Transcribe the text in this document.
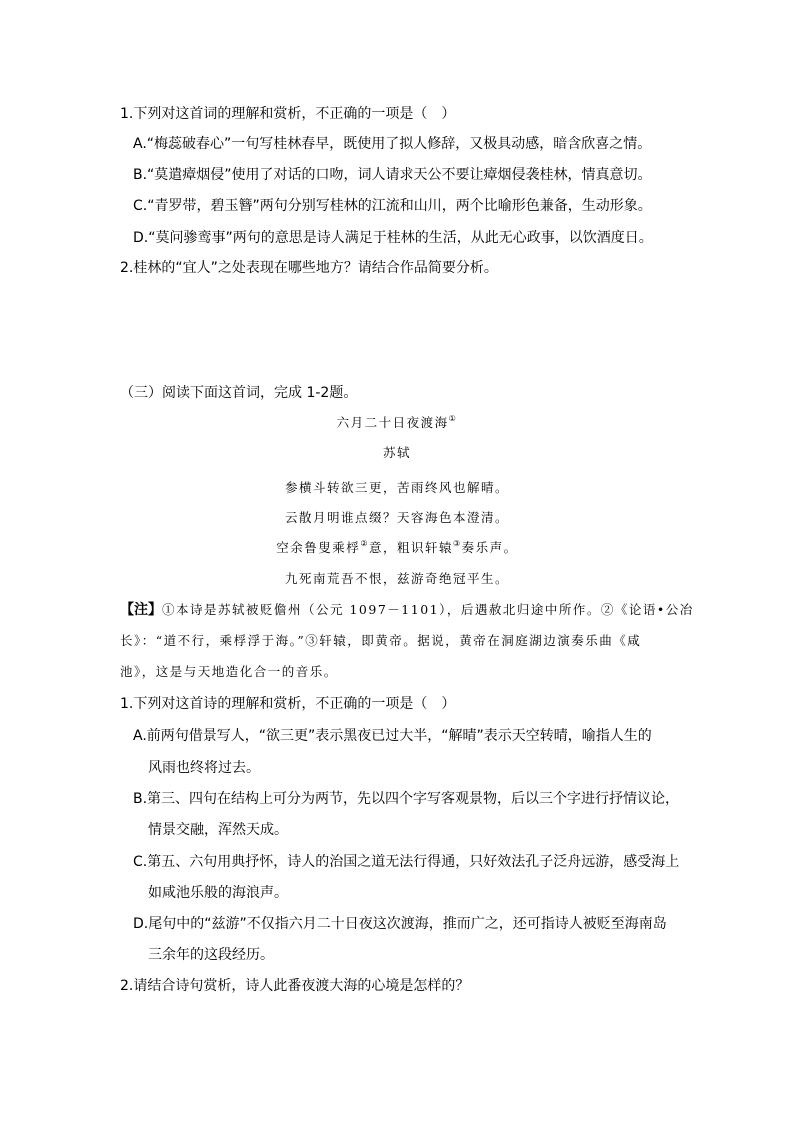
1.下列对这首词的理解和赏析，不正确的一项是（　）
A.“梅蕊破春心”一句写桂林春早，既使用了拟人修辞，又极具动感，暗含欣喜之情。
B.“莫遣瘴烟侵”使用了对话的口吻，词人请求天公不要让瘴烟侵袭桂林，情真意切。
C.“青罗带，碧玉簪”两句分别写桂林的江流和山川，两个比喻形色兼备，生动形象。
D.“莫问骖鸾事”两句的意思是诗人满足于桂林的生活，从此无心政事，以饮酒度日。
2.桂林的“宜人”之处表现在哪些地方？请结合作品简要分析。
（三）阅读下面这首词，完成 1-2题。
六月二十日夜渡海①
苏轼
参横斗转欲三更，苦雨终风也解晴。
云散月明谁点缀？天容海色本澄清。
空余鲁叟乘桴②意，粗识轩辕③奏乐声。
九死南荒吾不恨，兹游奇绝冠平生。
【注】①本诗是苏轼被贬儋州（公元 1097－1101），后遇赦北归途中所作。②《论语•公冶
长》：“道不行，乘桴浮于海。”③轩辕，即黄帝。据说，黄帝在洞庭湖边演奏乐曲《咸
池》，这是与天地造化合一的音乐。
1.下列对这首诗的理解和赏析，不正确的一项是（　）
A.前两句借景写人，“欲三更”表示黑夜已过大半，“解晴”表示天空转晴，喻指人生的
风雨也终将过去。
B.第三、四句在结构上可分为两节，先以四个字写客观景物，后以三个字进行抒情议论，
情景交融，浑然天成。
C.第五、六句用典抒怀，诗人的治国之道无法行得通，只好效法孔子泛舟远游，感受海上
如咸池乐般的海浪声。
D.尾句中的“兹游”不仅指六月二十日夜这次渡海，推而广之，还可指诗人被贬至海南岛
三余年的这段经历。
2.请结合诗句赏析，诗人此番夜渡大海的心境是怎样的？
